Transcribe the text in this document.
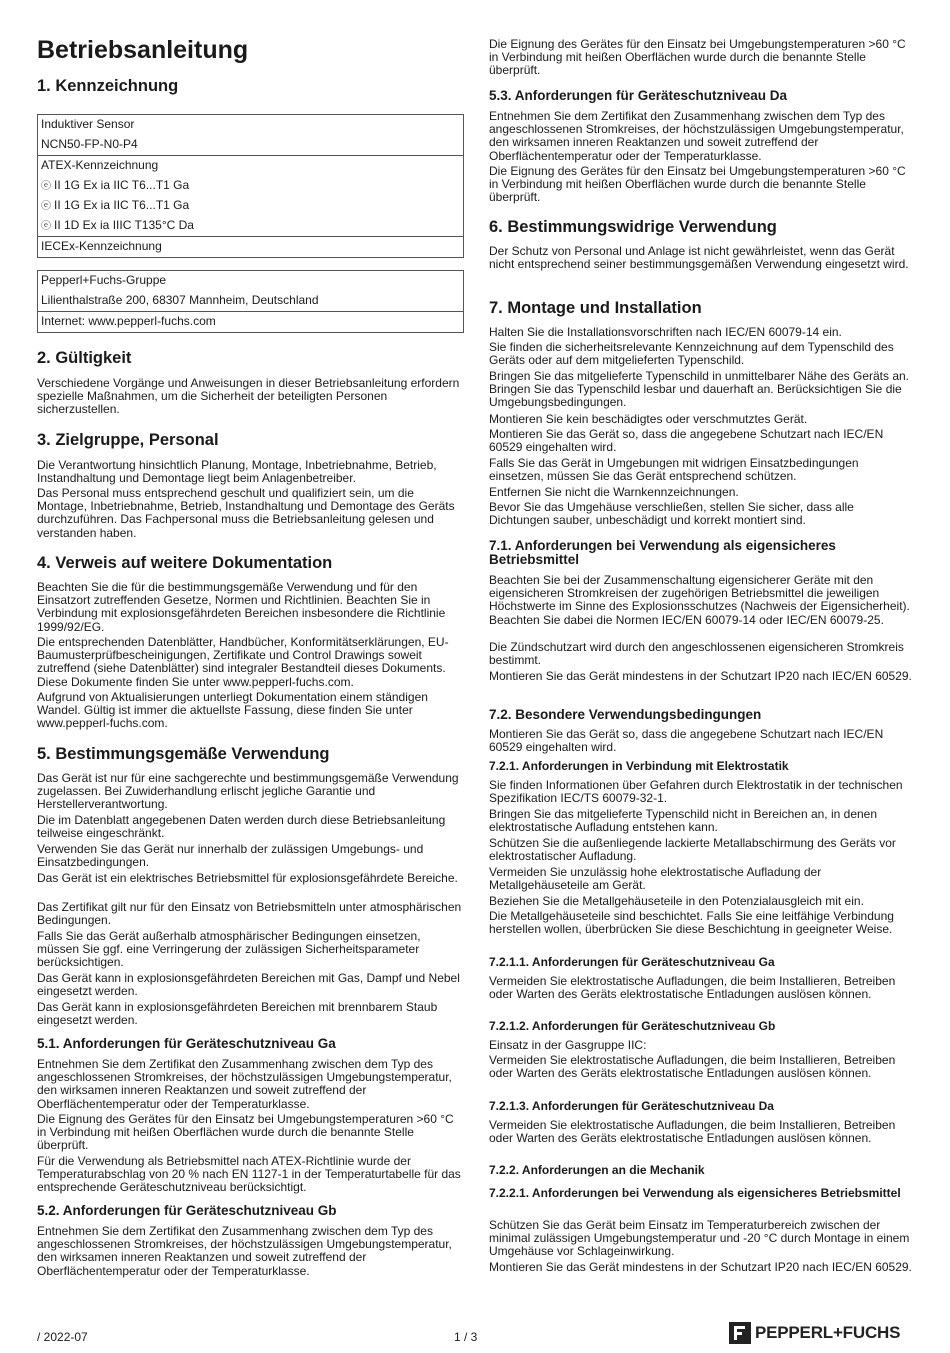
Betriebsanleitung
1. Kennzeichnung
Induktiver Sensor
NCN50-FP-N0-P4
ATEX-Kennzeichnung
ⓔ II 1G Ex ia IIC T6...T1 Ga
ⓔ II 1G Ex ia IIC T6...T1 Ga
ⓔ II 1D Ex ia IIIC T135°C Da
IECEx-Kennzeichnung
Pepperl+Fuchs-Gruppe
Lilienthalstraße 200, 68307 Mannheim, Deutschland
Internet: www.pepperl-fuchs.com
2. Gültigkeit

Verschiedene Vorgänge und Anweisungen in dieser Betriebsanleitung erfordern spezielle Maßnahmen, um die Sicherheit der beteiligten Personen sicherzustellen.

3. Zielgruppe, Personal

Die Verantwortung hinsichtlich Planung, Montage, Inbetriebnahme, Betrieb, Instandhaltung und Demontage liegt beim Anlagenbetreiber.

Das Personal muss entsprechend geschult und qualifiziert sein, um die Montage, Inbetriebnahme, Betrieb, Instandhaltung und Demontage des Geräts durchzuführen. Das Fachpersonal muss die Betriebsanleitung gelesen und verstanden haben.

4. Verweis auf weitere Dokumentation

Beachten Sie die für die bestimmungsgemäße Verwendung und für den Einsatzort zutreffenden Gesetze, Normen und Richtlinien. Beachten Sie in Verbindung mit explosionsgefährdeten Bereichen insbesondere die Richtlinie 1999/92/EG.

Die entsprechenden Datenblätter, Handbücher, Konformitätserklärungen, EU-Baumusterprüfbescheinigungen, Zertifikate und Control Drawings soweit zutreffend (siehe Datenblätter) sind integraler Bestandteil dieses Dokuments. Diese Dokumente finden Sie unter www.pepperl-fuchs.com.

Aufgrund von Aktualisierungen unterliegt Dokumentation einem ständigen Wandel. Gültig ist immer die aktuellste Fassung, diese finden Sie unter www.pepperl-fuchs.com.

5. Bestimmungsgemäße Verwendung

Das Gerät ist nur für eine sachgerechte und bestimmungsgemäße Verwendung zugelassen. Bei Zuwiderhandlung erlischt jegliche Garantie und Herstellerverantwortung.

Die im Datenblatt angegebenen Daten werden durch diese Betriebsanleitung teilweise eingeschränkt.

Verwenden Sie das Gerät nur innerhalb der zulässigen Umgebungs- und Einsatzbedingungen.

Das Gerät ist ein elektrisches Betriebsmittel für explosionsgefährdete Bereiche.

Das Zertifikat gilt nur für den Einsatz von Betriebsmitteln unter atmosphärischen Bedingungen.

Falls Sie das Gerät außerhalb atmosphärischer Bedingungen einsetzen, müssen Sie ggf. eine Verringerung der zulässigen Sicherheitsparameter berücksichtigen.

Das Gerät kann in explosionsgefährdeten Bereichen mit Gas, Dampf und Nebel eingesetzt werden.

Das Gerät kann in explosionsgefährdeten Bereichen mit brennbarem Staub eingesetzt werden.

5.1. Anforderungen für Geräteschutzniveau Ga

Entnehmen Sie dem Zertifikat den Zusammenhang zwischen dem Typ des angeschlossenen Stromkreises, der höchstzulässigen Umgebungstemperatur, den wirksamen inneren Reaktanzen und soweit zutreffend der Oberflächentemperatur oder der Temperaturklasse.

Die Eignung des Gerätes für den Einsatz bei Umgebungstemperaturen >60 °C in Verbindung mit heißen Oberflächen wurde durch die benannte Stelle überprüft.

Für die Verwendung als Betriebsmittel nach ATEX-Richtlinie wurde der Temperaturabschlag von 20 % nach EN 1127-1 in der Temperaturtabelle für das entsprechende Geräteschutzniveau berücksichtigt.

5.2. Anforderungen für Geräteschutzniveau Gb

Entnehmen Sie dem Zertifikat den Zusammenhang zwischen dem Typ des angeschlossenen Stromkreises, der höchstzulässigen Umgebungstemperatur, den wirksamen inneren Reaktanzen und soweit zutreffend der Oberflächentemperatur oder der Temperaturklasse.

Die Eignung des Gerätes für den Einsatz bei Umgebungstemperaturen >60 °C in Verbindung mit heißen Oberflächen wurde durch die benannte Stelle überprüft.

5.3. Anforderungen für Geräteschutzniveau Da

Entnehmen Sie dem Zertifikat den Zusammenhang zwischen dem Typ des angeschlossenen Stromkreises, der höchstzulässigen Umgebungstemperatur, den wirksamen inneren Reaktanzen und soweit zutreffend der Oberflächentemperatur oder der Temperaturklasse.

Die Eignung des Gerätes für den Einsatz bei Umgebungstemperaturen >60 °C in Verbindung mit heißen Oberflächen wurde durch die benannte Stelle überprüft.

6. Bestimmungswidrige Verwendung

Der Schutz von Personal und Anlage ist nicht gewährleistet, wenn das Gerät nicht entsprechend seiner bestimmungsgemäßen Verwendung eingesetzt wird.

7. Montage und Installation

Halten Sie die Installationsvorschriften nach IEC/EN 60079-14 ein.

Sie finden die sicherheitsrelevante Kennzeichnung auf dem Typenschild des Geräts oder auf dem mitgelieferten Typenschild.

Bringen Sie das mitgelieferte Typenschild in unmittelbarer Nähe des Geräts an. Bringen Sie das Typenschild lesbar und dauerhaft an. Berücksichtigen Sie die Umgebungsbedingungen.

Montieren Sie kein beschädigtes oder verschmutztes Gerät.

Montieren Sie das Gerät so, dass die angegebene Schutzart nach IEC/EN 60529 eingehalten wird.

Falls Sie das Gerät in Umgebungen mit widrigen Einsatzbedingungen einsetzen, müssen Sie das Gerät entsprechend schützen.

Entfernen Sie nicht die Warnkennzeichnungen.

Bevor Sie das Umgehäuse verschließen, stellen Sie sicher, dass alle Dichtungen sauber, unbeschädigt und korrekt montiert sind.

7.1. Anforderungen bei Verwendung als eigensicheres Betriebsmittel

Beachten Sie bei der Zusammenschaltung eigensicherer Geräte mit den eigensicheren Stromkreisen der zugehörigen Betriebsmittel die jeweiligen Höchstwerte im Sinne des Explosionsschutzes (Nachweis der Eigensicherheit). Beachten Sie dabei die Normen IEC/EN 60079-14 oder IEC/EN 60079-25.

Die Zündschutzart wird durch den angeschlossenen eigensicheren Stromkreis bestimmt.

Montieren Sie das Gerät mindestens in der Schutzart IP20 nach IEC/EN 60529.

7.2. Besondere Verwendungsbedingungen

Montieren Sie das Gerät so, dass die angegebene Schutzart nach IEC/EN 60529 eingehalten wird.

7.2.1. Anforderungen in Verbindung mit Elektrostatik

Sie finden Informationen über Gefahren durch Elektrostatik in der technischen Spezifikation IEC/TS 60079-32-1.

Bringen Sie das mitgelieferte Typenschild nicht in Bereichen an, in denen elektrostatische Aufladung entstehen kann.

Schützen Sie die außenliegende lackierte Metallabschirmung des Geräts vor elektrostatischer Aufladung.

Vermeiden Sie unzulässig hohe elektrostatische Aufladung der Metallgehäuseteile am Gerät.

Beziehen Sie die Metallgehäuseteile in den Potenzialausgleich mit ein.

Die Metallgehäuseteile sind beschichtet. Falls Sie eine leitfähige Verbindung herstellen wollen, überbrücken Sie diese Beschichtung in geeigneter Weise.

7.2.1.1. Anforderungen für Geräteschutzniveau Ga

Vermeiden Sie elektrostatische Aufladungen, die beim Installieren, Betreiben oder Warten des Geräts elektrostatische Entladungen auslösen können.

7.2.1.2. Anforderungen für Geräteschutzniveau Gb

Einsatz in der Gasgruppe IIC:

Vermeiden Sie elektrostatische Aufladungen, die beim Installieren, Betreiben oder Warten des Geräts elektrostatische Entladungen auslösen können.

7.2.1.3. Anforderungen für Geräteschutzniveau Da

Vermeiden Sie elektrostatische Aufladungen, die beim Installieren, Betreiben oder Warten des Geräts elektrostatische Entladungen auslösen können.

7.2.2. Anforderungen an die Mechanik
7.2.2.1. Anforderungen bei Verwendung als eigensicheres Betriebsmittel

Schützen Sie das Gerät beim Einsatz im Temperaturbereich zwischen der minimal zulässigen Umgebungstemperatur und -20 °C durch Montage in einem Umgehäuse vor Schlageinwirkung.

Montieren Sie das Gerät mindestens in der Schutzart IP20 nach IEC/EN 60529.

/ 2022-07	1 / 3	PEPPERL+FUCHS
